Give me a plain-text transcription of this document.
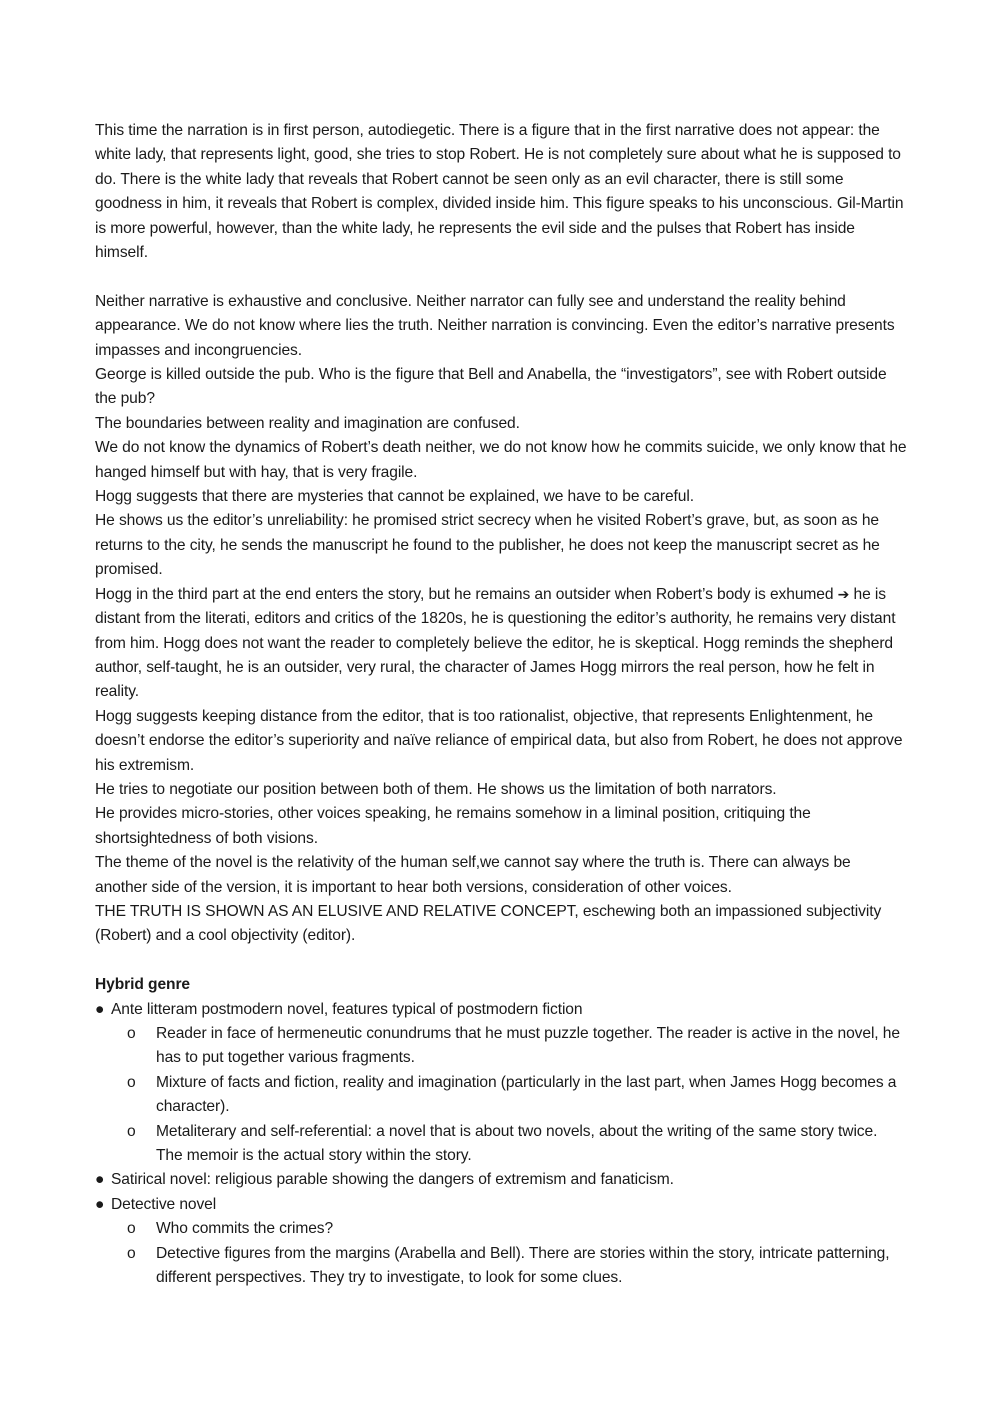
This time the narration is in first person, autodiegetic. There is a figure that in the first narrative does not appear: the white lady, that represents light, good, she tries to stop Robert. He is not completely sure about what he is supposed to do. There is the white lady that reveals that Robert cannot be seen only as an evil character, there is still some goodness in him, it reveals that Robert is complex, divided inside him. This figure speaks to his unconscious. Gil-Martin is more powerful, however, than the white lady, he represents the evil side and the pulses that Robert has inside himself.

Neither narrative is exhaustive and conclusive. Neither narrator can fully see and understand the reality behind appearance. We do not know where lies the truth. Neither narration is convincing. Even the editor’s narrative presents impasses and incongruencies.

George is killed outside the pub. Who is the figure that Bell and Anabella, the “investigators”, see with Robert outside the pub?

The boundaries between reality and imagination are confused.

We do not know the dynamics of Robert’s death neither, we do not know how he commits suicide, we only know that he hanged himself but with hay, that is very fragile.

Hogg suggests that there are mysteries that cannot be explained, we have to be careful.

He shows us the editor’s unreliability: he promised strict secrecy when he visited Robert’s grave, but, as soon as he returns to the city, he sends the manuscript he found to the publisher, he does not keep the manuscript secret as he promised.

Hogg in the third part at the end enters the story, but he remains an outsider when Robert’s body is exhumed ➔ he is distant from the literati, editors and critics of the 1820s, he is questioning the editor’s authority, he remains very distant from him. Hogg does not want the reader to completely believe the editor, he is skeptical. Hogg reminds the shepherd author, self-taught, he is an outsider, very rural, the character of James Hogg mirrors the real person, how he felt in reality.

Hogg suggests keeping distance from the editor, that is too rationalist, objective, that represents Enlightenment, he doesn’t endorse the editor’s superiority and naïve reliance of empirical data, but also from Robert, he does not approve his extremism.

He tries to negotiate our position between both of them. He shows us the limitation of both narrators.

He provides micro-stories, other voices speaking, he remains somehow in a liminal position, critiquing the shortsightedness of both visions.

The theme of the novel is the relativity of the human self,we cannot say where the truth is. There can always be another side of the version, it is important to hear both versions, consideration of other voices.

THE TRUTH IS SHOWN AS AN ELUSIVE AND RELATIVE CONCEPT, eschewing both an impassioned subjectivity (Robert) and a cool objectivity (editor).

Hybrid genre

● Ante litteram postmodern novel, features typical of postmodern fiction
o	Reader in face of hermeneutic conundrums that he must puzzle together. The reader is active in the novel, he has to put together various fragments.
o	Mixture of facts and fiction, reality and imagination (particularly in the last part, when James Hogg becomes a character).
o	Metaliterary and self-referential: a novel that is about two novels, about the writing of the same story twice. The memoir is the actual story within the story.
● Satirical novel: religious parable showing the dangers of extremism and fanaticism.
● Detective novel
o	Who commits the crimes?
o	Detective figures from the margins (Arabella and Bell). There are stories within the story, intricate patterning, different perspectives. They try to investigate, to look for some clues.
